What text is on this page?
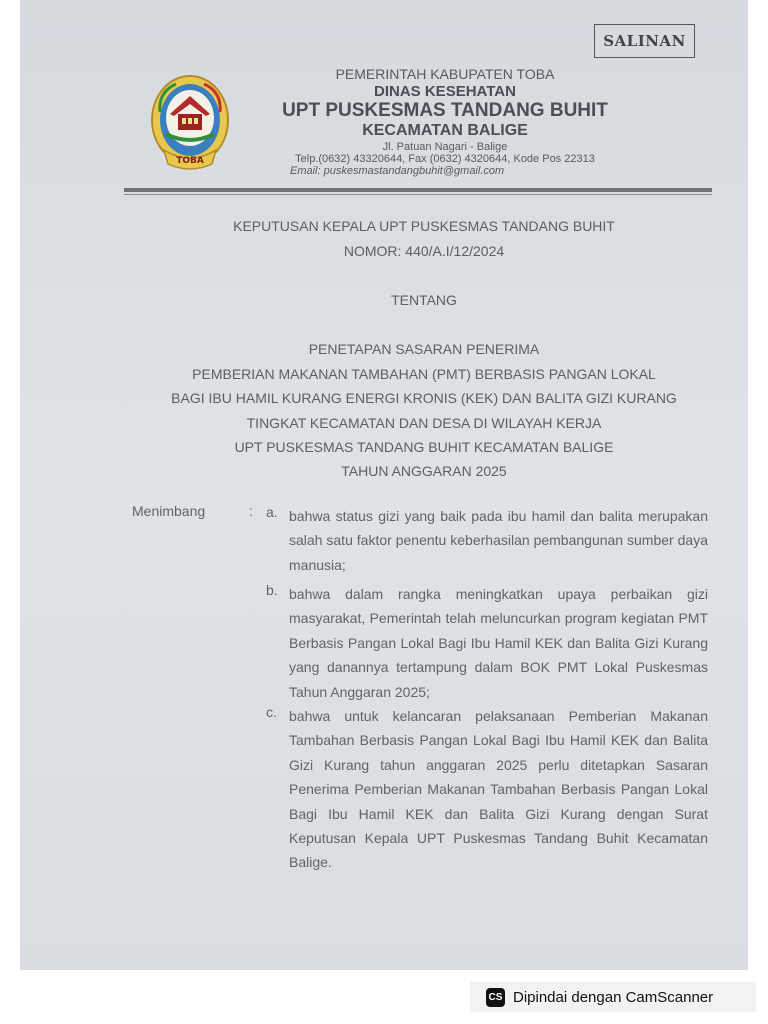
SALINAN
TOBA
PEMERINTAH KABUPATEN TOBA
DINAS KESEHATAN
UPT PUSKESMAS TANDANG BUHIT
KECAMATAN BALIGE
Jl. Patuan Nagari - Balige
Telp.(0632) 43320644, Fax (0632) 4320644, Kode Pos 22313
Email: puskesmastandangbuhit@gmail.com
KEPUTUSAN KEPALA UPT PUSKESMAS TANDANG BUHIT
NOMOR: 440/A.I/12/2024
TENTANG
PENETAPAN SASARAN PENERIMA
PEMBERIAN MAKANAN TAMBAHAN (PMT) BERBASIS PANGAN LOKAL
BAGI IBU HAMIL KURANG ENERGI KRONIS (KEK) DAN BALITA GIZI KURANG
TINGKAT KECAMATAN DAN DESA DI WILAYAH KERJA
UPT PUSKESMAS TANDANG BUHIT KECAMATAN BALIGE
TAHUN ANGGARAN 2025
Menimbang	: a. bahwa status gizi yang baik pada ibu hamil dan balita merupakan salah satu faktor penentu keberhasilan pembangunan sumber daya manusia;
b. bahwa dalam rangka meningkatkan upaya perbaikan gizi masyarakat, Pemerintah telah meluncurkan program kegiatan PMT Berbasis Pangan Lokal Bagi Ibu Hamil KEK dan Balita Gizi Kurang yang danannya tertampung dalam BOK PMT Lokal Puskesmas Tahun Anggaran 2025;
c. bahwa untuk kelancaran pelaksanaan Pemberian Makanan Tambahan Berbasis Pangan Lokal Bagi Ibu Hamil KEK dan Balita Gizi Kurang tahun anggaran 2025 perlu ditetapkan Sasaran Penerima Pemberian Makanan Tambahan Berbasis Pangan Lokal Bagi Ibu Hamil KEK dan Balita Gizi Kurang dengan Surat Keputusan Kepala UPT Puskesmas Tandang Buhit Kecamatan Balige.
CS Dipindai dengan CamScanner
